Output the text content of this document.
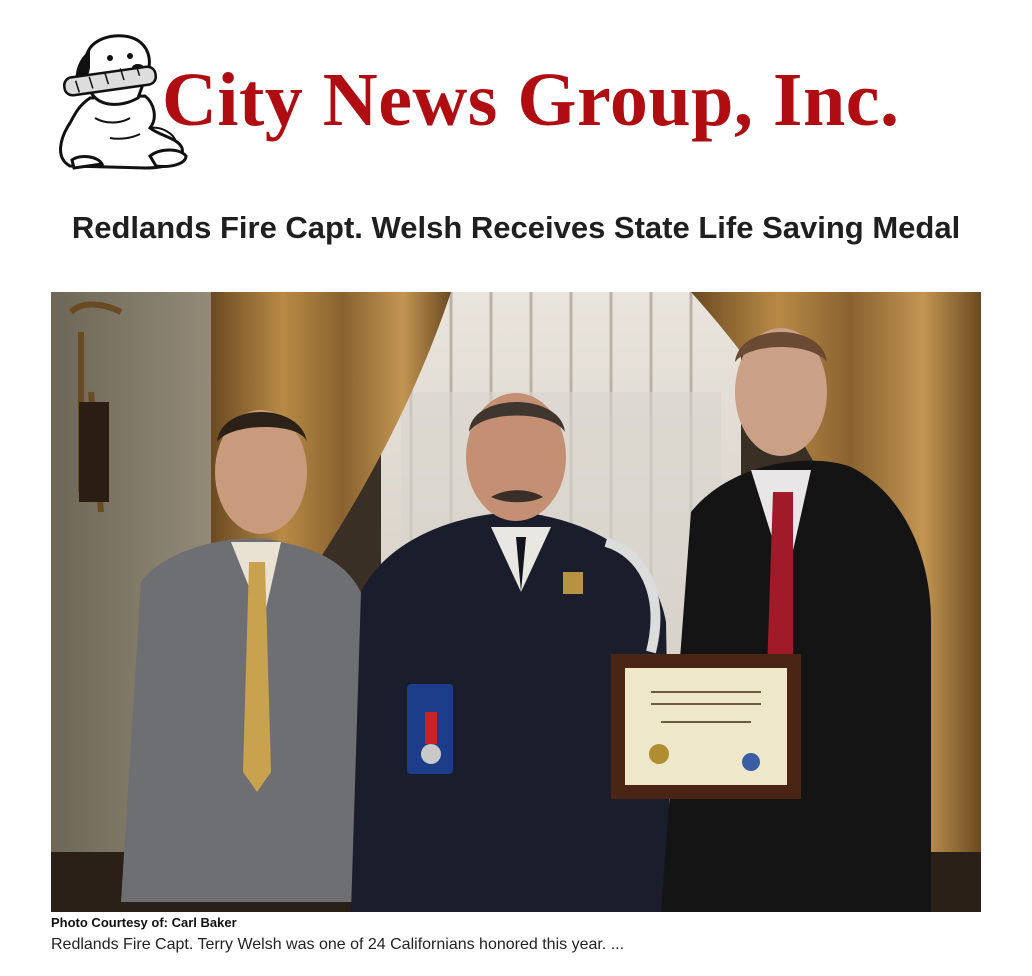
City News Group, Inc.
Redlands Fire Capt. Welsh Receives State Life Saving Medal
Photo Courtesy of: Carl Baker
Redlands Fire Capt. Terry Welsh was one of 24 Californians honored this year. ...
